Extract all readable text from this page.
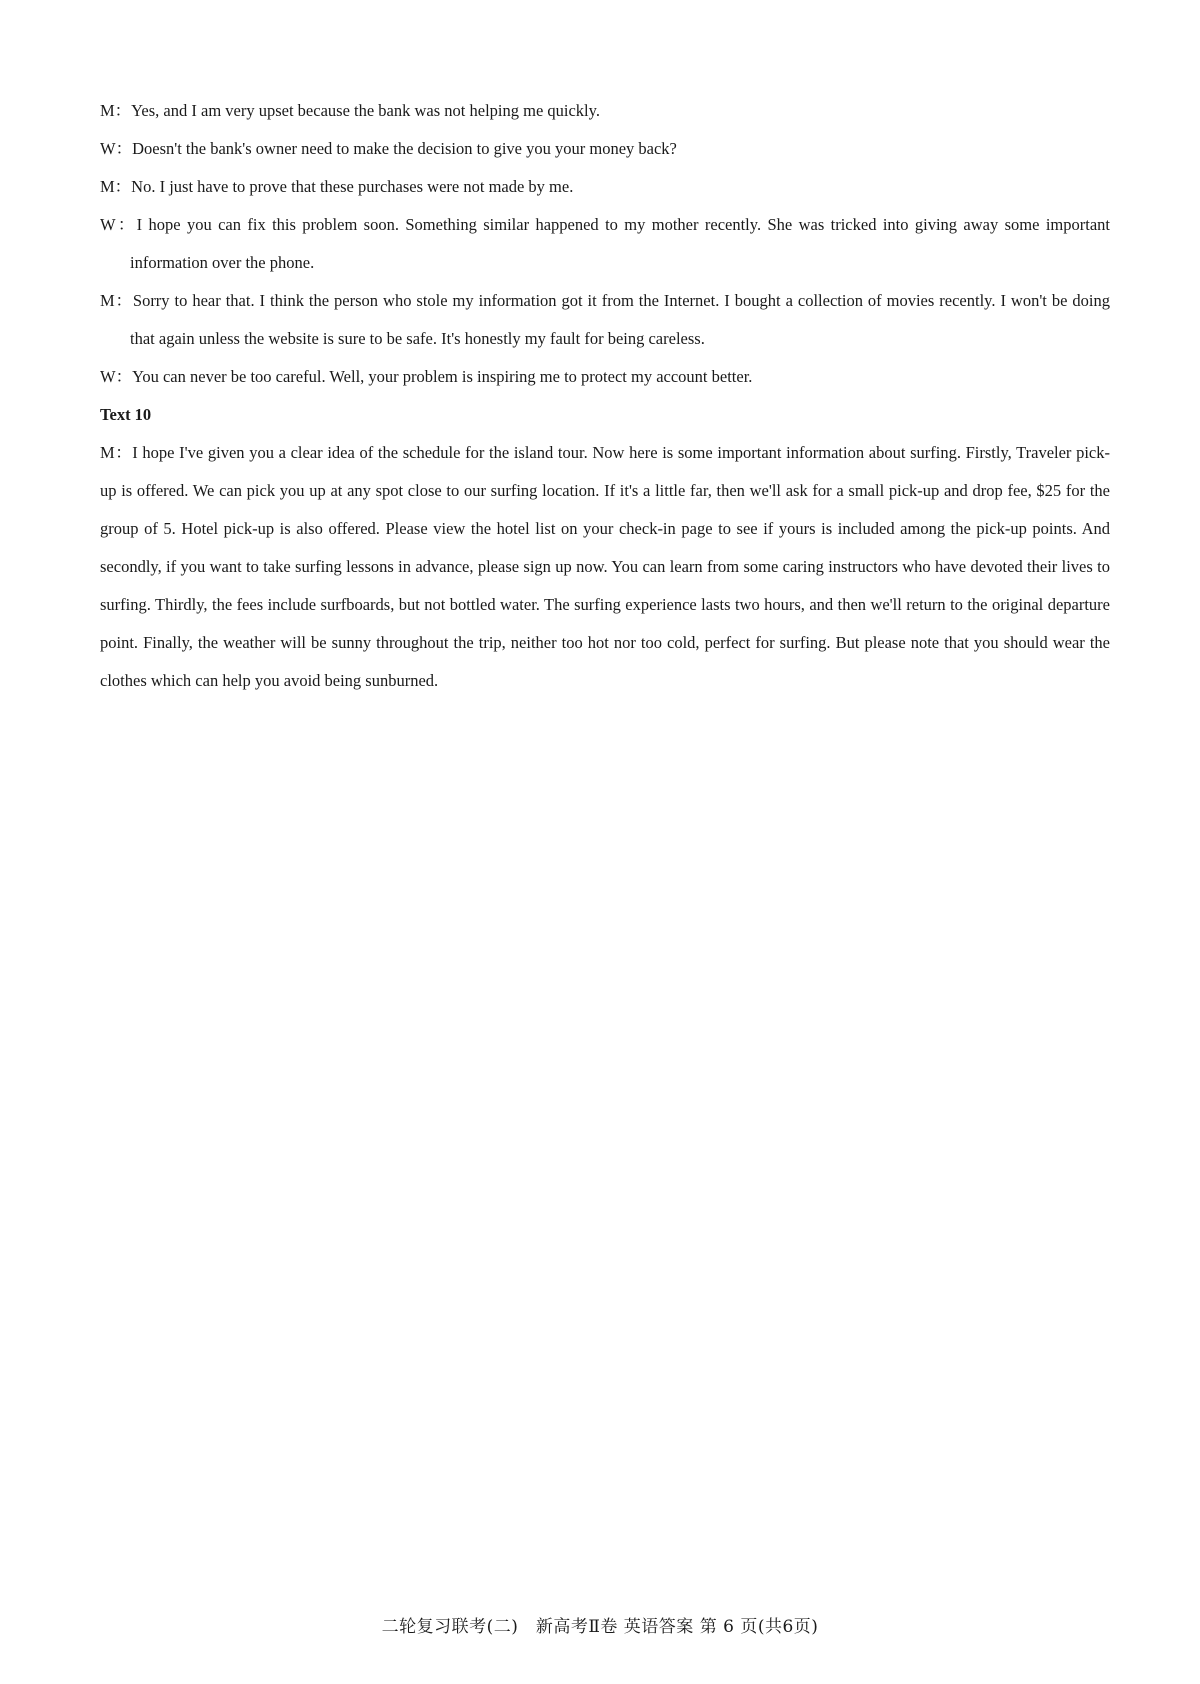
M：Yes, and I am very upset because the bank was not helping me quickly.

W：Doesn't the bank's owner need to make the decision to give you your money back?

M：No. I just have to prove that these purchases were not made by me.

W：I hope you can fix this problem soon. Something similar happened to my mother recently. She was tricked into giving away some important information over the phone.

M：Sorry to hear that. I think the person who stole my information got it from the Internet. I bought a collection of movies recently. I won't be doing that again unless the website is sure to be safe. It's honestly my fault for being careless.

W：You can never be too careful. Well, your problem is inspiring me to protect my account better.

Text 10

M：I hope I've given you a clear idea of the schedule for the island tour. Now here is some important information about surfing. Firstly, Traveler pick-up is offered. We can pick you up at any spot close to our surfing location. If it's a little far, then we'll ask for a small pick-up and drop fee, $25 for the group of 5. Hotel pick-up is also offered. Please view the hotel list on your check-in page to see if yours is included among the pick-up points. And secondly, if you want to take surfing lessons in advance, please sign up now. You can learn from some caring instructors who have devoted their lives to surfing. Thirdly, the fees include surfboards, but not bottled water. The surfing experience lasts two hours, and then we'll return to the original departure point. Finally, the weather will be sunny throughout the trip, neither too hot nor too cold, perfect for surfing. But please note that you should wear the clothes which can help you avoid being sunburned.

二轮复习联考(二)　新高考Ⅱ卷 英语答案 第 6 页(共6页)
